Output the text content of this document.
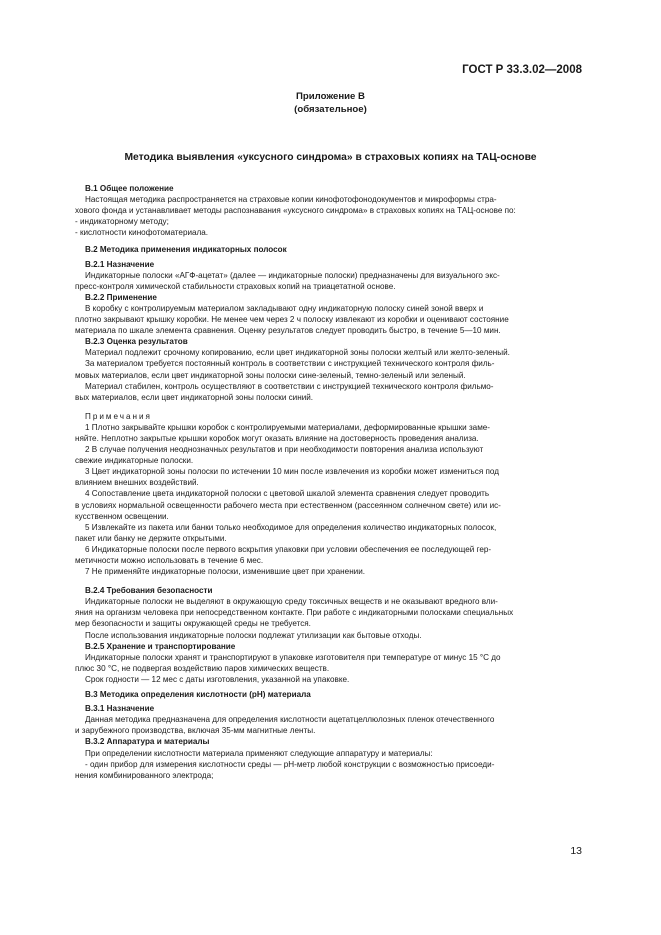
ГОСТ Р 33.3.02—2008
Приложение В
(обязательное)
Методика выявления «уксусного синдрома» в страховых копиях на ТАЦ-основе

В.1 Общее положение

Настоящая методика распространяется на страховые копии кинофотофонодокументов и микроформы стра-

хового фонда и устанавливает методы распознавания «уксусного синдрома» в страховых копиях на ТАЦ-основе по:

- индикаторному методу;

- кислотности кинофотоматериала.

В.2 Методика применения индикаторных полосок

В.2.1 Назначение

Индикаторные полоски «АГФ-ацетат» (далее — индикаторные полоски) предназначены для визуального экс-

пресс-контроля химической стабильности страховых копий на триацетатной основе.

В.2.2 Применение

В коробку с контролируемым материалом закладывают одну индикаторную полоску синей зоной вверх и

плотно закрывают крышку коробки. Не менее чем через 2 ч полоску извлекают из коробки и оценивают состояние

материала по шкале элемента сравнения. Оценку результатов следует проводить быстро, в течение 5—10 мин.

В.2.3 Оценка результатов

Материал подлежит срочному копированию, если цвет индикаторной зоны полоски желтый или желто-зеленый.

За материалом требуется постоянный контроль в соответствии с инструкцией технического контроля филь-

мовых материалов, если цвет индикаторной зоны полоски сине-зеленый, темно-зеленый или зеленый.

Материал стабилен, контроль осуществляют в соответствии с инструкцией технического контроля фильмо-

вых материалов, если цвет индикаторной зоны полоски синий.

Примечания

1 Плотно закрывайте крышки коробок с контролируемыми материалами, деформированные крышки заме-

няйте. Неплотно закрытые крышки коробок могут оказать влияние на достоверность проведения анализа.

2 В случае получения неоднозначных результатов и при необходимости повторения анализа используют

свежие индикаторные полоски.

3 Цвет индикаторной зоны полоски по истечении 10 мин после извлечения из коробки может измениться под

влиянием внешних воздействий.

4 Сопоставление цвета индикаторной полоски с цветовой шкалой элемента сравнения следует проводить

в условиях нормальной освещенности рабочего места при естественном (рассеянном солнечном свете) или ис-

кусственном освещении.

5 Извлекайте из пакета или банки только необходимое для определения количество индикаторных полосок,

пакет или банку не держите открытыми.

6 Индикаторные полоски после первого вскрытия упаковки при условии обеспечения ее последующей гер-

метичности можно использовать в течение 6 мес.

7 Не применяйте индикаторные полоски, изменившие цвет при хранении.

В.2.4 Требования безопасности

Индикаторные полоски не выделяют в окружающую среду токсичных веществ и не оказывают вредного вли-

яния на организм человека при непосредственном контакте. При работе с индикаторными полосками специальных

мер безопасности и защиты окружающей среды не требуется.

После использования индикаторные полоски подлежат утилизации как бытовые отходы.

В.2.5 Хранение и транспортирование

Индикаторные полоски хранят и транспортируют в упаковке изготовителя при температуре от минус 15 °С до

плюс 30 °С, не подвергая воздействию паров химических веществ.

Срок годности — 12 мес с даты изготовления, указанной на упаковке.

В.3 Методика определения кислотности (рН) материала

В.3.1 Назначение

Данная методика предназначена для определения кислотности ацетатцеллюлозных пленок отечественного

и зарубежного производства, включая 35-мм магнитные ленты.

В.3.2 Аппаратура и материалы

При определении кислотности материала применяют следующие аппаратуру и материалы:

- один прибор для измерения кислотности среды — рН-метр любой конструкции с возможностью присоеди-

нения комбинированного электрода;

13
